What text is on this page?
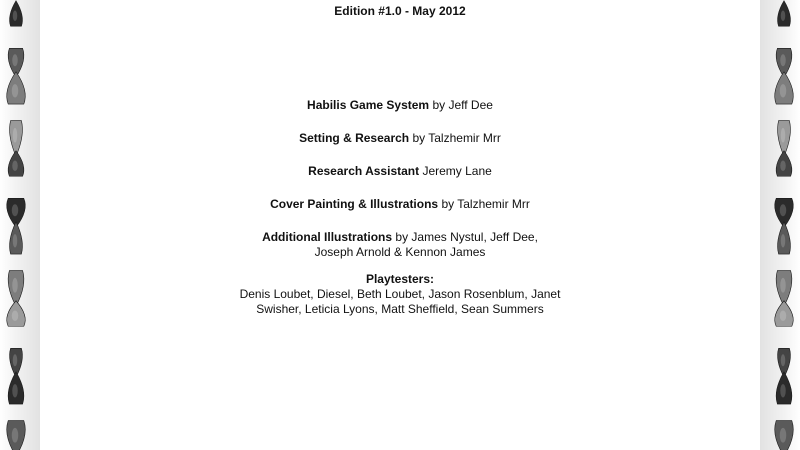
Edition #1.0 - May 2012
Habilis Game System by Jeff Dee
Setting & Research by Talzhemir Mrr
Research Assistant Jeremy Lane
Cover Painting & Illustrations by Talzhemir Mrr
Additional Illustrations by James Nystul, Jeff Dee,
Joseph Arnold & Kennon James
Playtesters:
Denis Loubet, Diesel, Beth Loubet, Jason Rosenblum, Janet
Swisher, Leticia Lyons, Matt Sheffield, Sean Summers
